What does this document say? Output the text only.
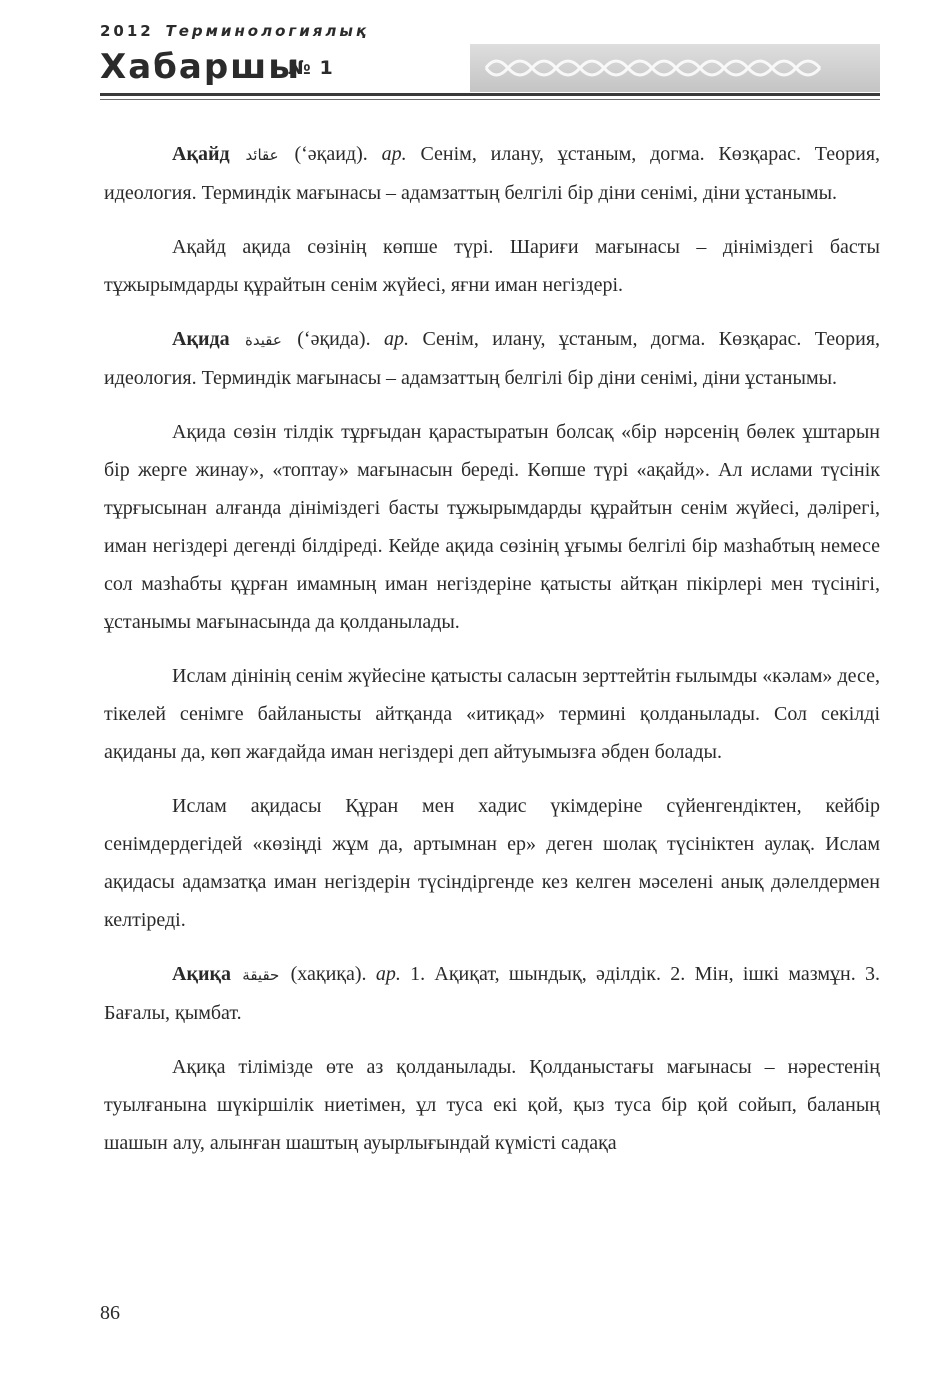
2012 Терминологиялық
Хабаршы
№ 1

Ақайд عقائد (‘әқаид). ар. Сенім, илану, ұстаным, догма. Көзқарас. Теория, идеология. Терминдік мағынасы – адамзаттың белгілі бір діни сенімі, діни ұстанымы.

Ақайд ақида сөзінің көпше түрі. Шариғи мағынасы – дініміздегі басты тұжырымдарды құрайтын сенім жүйесі, яғни иман негіздері.

Ақида عقيدة (‘әқида). ар. Сенім, илану, ұстаным, догма. Көзқарас. Теория, идеология. Терминдік мағынасы – адамзаттың белгілі бір діни сенімі, діни ұстанымы.

Ақида сөзін тілдік тұрғыдан қарастыратын болсақ «бір нәрсенің бөлек ұштарын бір жерге жинау», «топтау» мағынасын береді. Көпше түрі «ақайд». Ал ислами түсінік тұрғысынан алғанда дініміздегі басты тұжырымдарды құрайтын сенім жүйесі, дәлірегі, иман негіздері дегенді білдіреді. Кейде ақида сөзінің ұғымы белгілі бір мазһабтың немесе сол мазһабты құрған имамның иман негіздеріне қатысты айтқан пікірлері мен түсінігі, ұстанымы мағынасында да қолданылады.

Ислам дінінің сенім жүйесіне қатысты саласын зерттейтін ғылымды «кәлам» десе, тікелей сенімге байланысты айтқанда «итиқад» термині қолданылады. Сол секілді ақиданы да, көп жағдайда иман негіздері деп айтуымызға әбден болады.

Ислам ақидасы Құран мен хадис үкімдеріне сүйенгендіктен, кейбір сенімдердегідей «көзіңді жұм да, артымнан ер» деген шолақ түсініктен аулақ. Ислам ақидасы адамзатқа иман негіздерін түсіндіргенде кез келген мәселені анық дәлелдермен келтіреді.

Ақиқа حقيقة (хақиқа). ар. 1. Ақиқат, шындық, әділдік. 2. Мін, ішкі мазмұн. 3. Бағалы, қымбат.

Ақиқа тілімізде өте аз қолданылады. Қолданыстағы мағынасы – нәрестенің туылғанына шүкіршілік ниетімен, ұл туса екі қой, қыз туса бір қой сойып, баланың шашын алу, алынған шаштың ауырлығындай күмісті садақа

86
